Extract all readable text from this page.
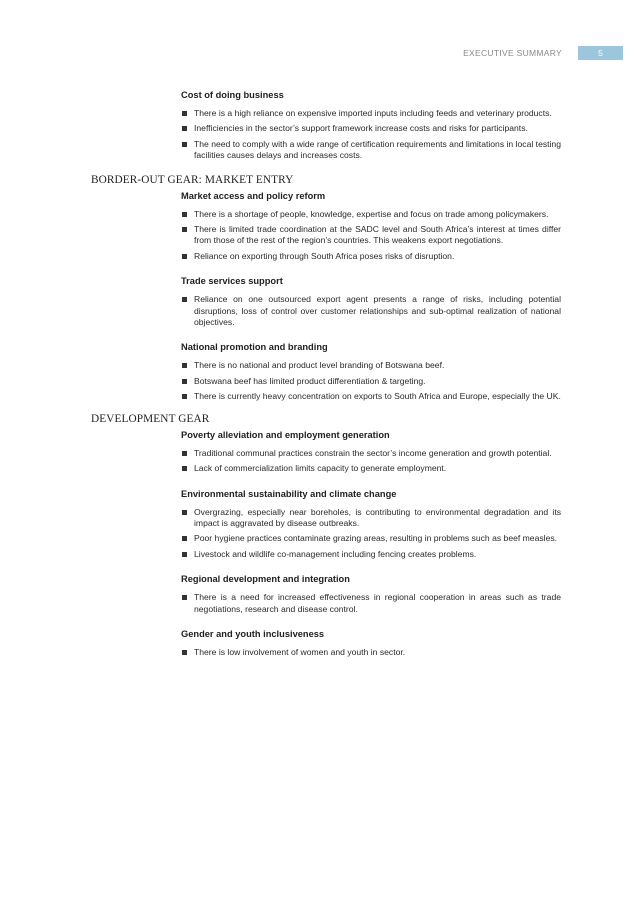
EXECUTIVE SUMMARY	5
Cost of doing business
There is a high reliance on expensive imported inputs including feeds and veterinary products.
Inefficiencies in the sector’s support framework increase costs and risks for participants.
The need to comply with a wide range of certification requirements and limitations in local testing facilities causes delays and increases costs.
BORDER-OUT GEAR: MARKET ENTRY
Market access and policy reform
There is a shortage of people, knowledge, expertise and focus on trade among policymakers.
There is limited trade coordination at the SADC level and South Africa’s interest at times differ from those of the rest of the region’s countries. This weakens export negotiations.
Reliance on exporting through South Africa poses risks of disruption.
Trade services support
Reliance on one outsourced export agent presents a range of risks, including potential disruptions, loss of control over customer relationships and sub-optimal realization of national objectives.
National promotion and branding
There is no national and product level branding of Botswana beef.
Botswana beef has limited product differentiation & targeting.
There is currently heavy concentration on exports to South Africa and Europe, especially the UK.
DEVELOPMENT GEAR
Poverty alleviation and employment generation
Traditional communal practices constrain the sector’s income generation and growth potential.
Lack of commercialization limits capacity to generate employment.
Environmental sustainability and climate change
Overgrazing, especially near boreholes, is contributing to environmental degradation and its impact is aggravated by disease outbreaks.
Poor hygiene practices contaminate grazing areas, resulting in problems such as beef measles.
Livestock and wildlife co-management including fencing creates problems.
Regional development and integration
There is a need for increased effectiveness in regional cooperation in areas such as trade negotiations, research and disease control.
Gender and youth inclusiveness
There is low involvement of women and youth in sector.
